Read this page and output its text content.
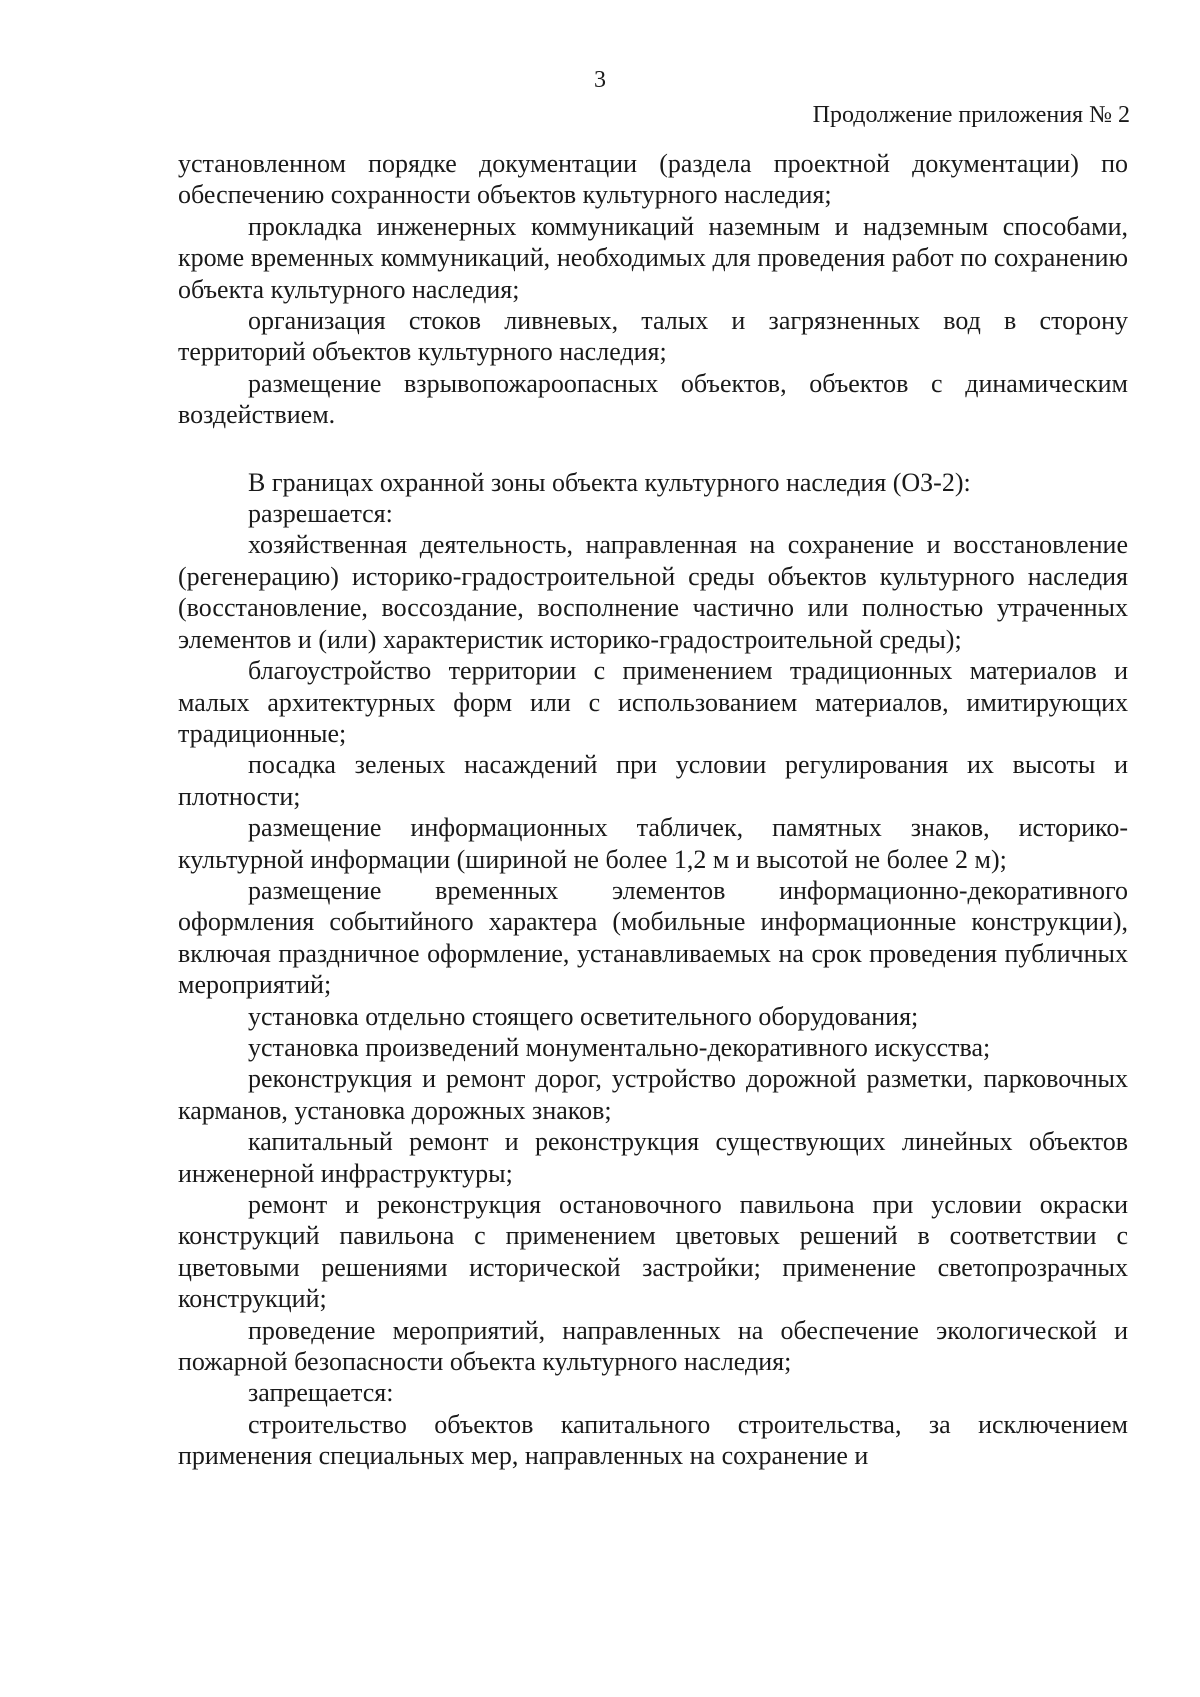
3
Продолжение приложения № 2

установленном порядке документации (раздела проектной документации) по обеспечению сохранности объектов культурного наследия;

прокладка инженерных коммуникаций наземным и надземным способами, кроме временных коммуникаций, необходимых для проведения работ по сохранению объекта культурного наследия;

организация стоков ливневых, талых и загрязненных вод в сторону территорий объектов культурного наследия;

размещение взрывопожароопасных объектов, объектов с динамическим воздействием.

В границах охранной зоны объекта культурного наследия (ОЗ-2):

разрешается:

хозяйственная деятельность, направленная на сохранение и восстановление (регенерацию) историко-градостроительной среды объектов культурного наследия (восстановление, воссоздание, восполнение частично или полностью утраченных элементов и (или) характеристик историко-градостроительной среды);

благоустройство территории с применением традиционных материалов и малых архитектурных форм или с использованием материалов, имитирующих традиционные;

посадка зеленых насаждений при условии регулирования их высоты и плотности;

размещение информационных табличек, памятных знаков, историко-культурной информации (шириной не более 1,2 м и высотой не более 2 м);

размещение временных элементов информационно-декоративного оформления событийного характера (мобильные информационные конструкции), включая праздничное оформление, устанавливаемых на срок проведения публичных мероприятий;

установка отдельно стоящего осветительного оборудования;

установка произведений монументально-декоративного искусства;

реконструкция и ремонт дорог, устройство дорожной разметки, парковочных карманов, установка дорожных знаков;

капитальный ремонт и реконструкция существующих линейных объектов инженерной инфраструктуры;

ремонт и реконструкция остановочного павильона при условии окраски конструкций павильона с применением цветовых решений в соответствии с цветовыми решениями исторической застройки; применение светопрозрачных конструкций;

проведение мероприятий, направленных на обеспечение экологической и пожарной безопасности объекта культурного наследия;

запрещается:

строительство объектов капитального строительства, за исключением применения специальных мер, направленных на сохранение и
